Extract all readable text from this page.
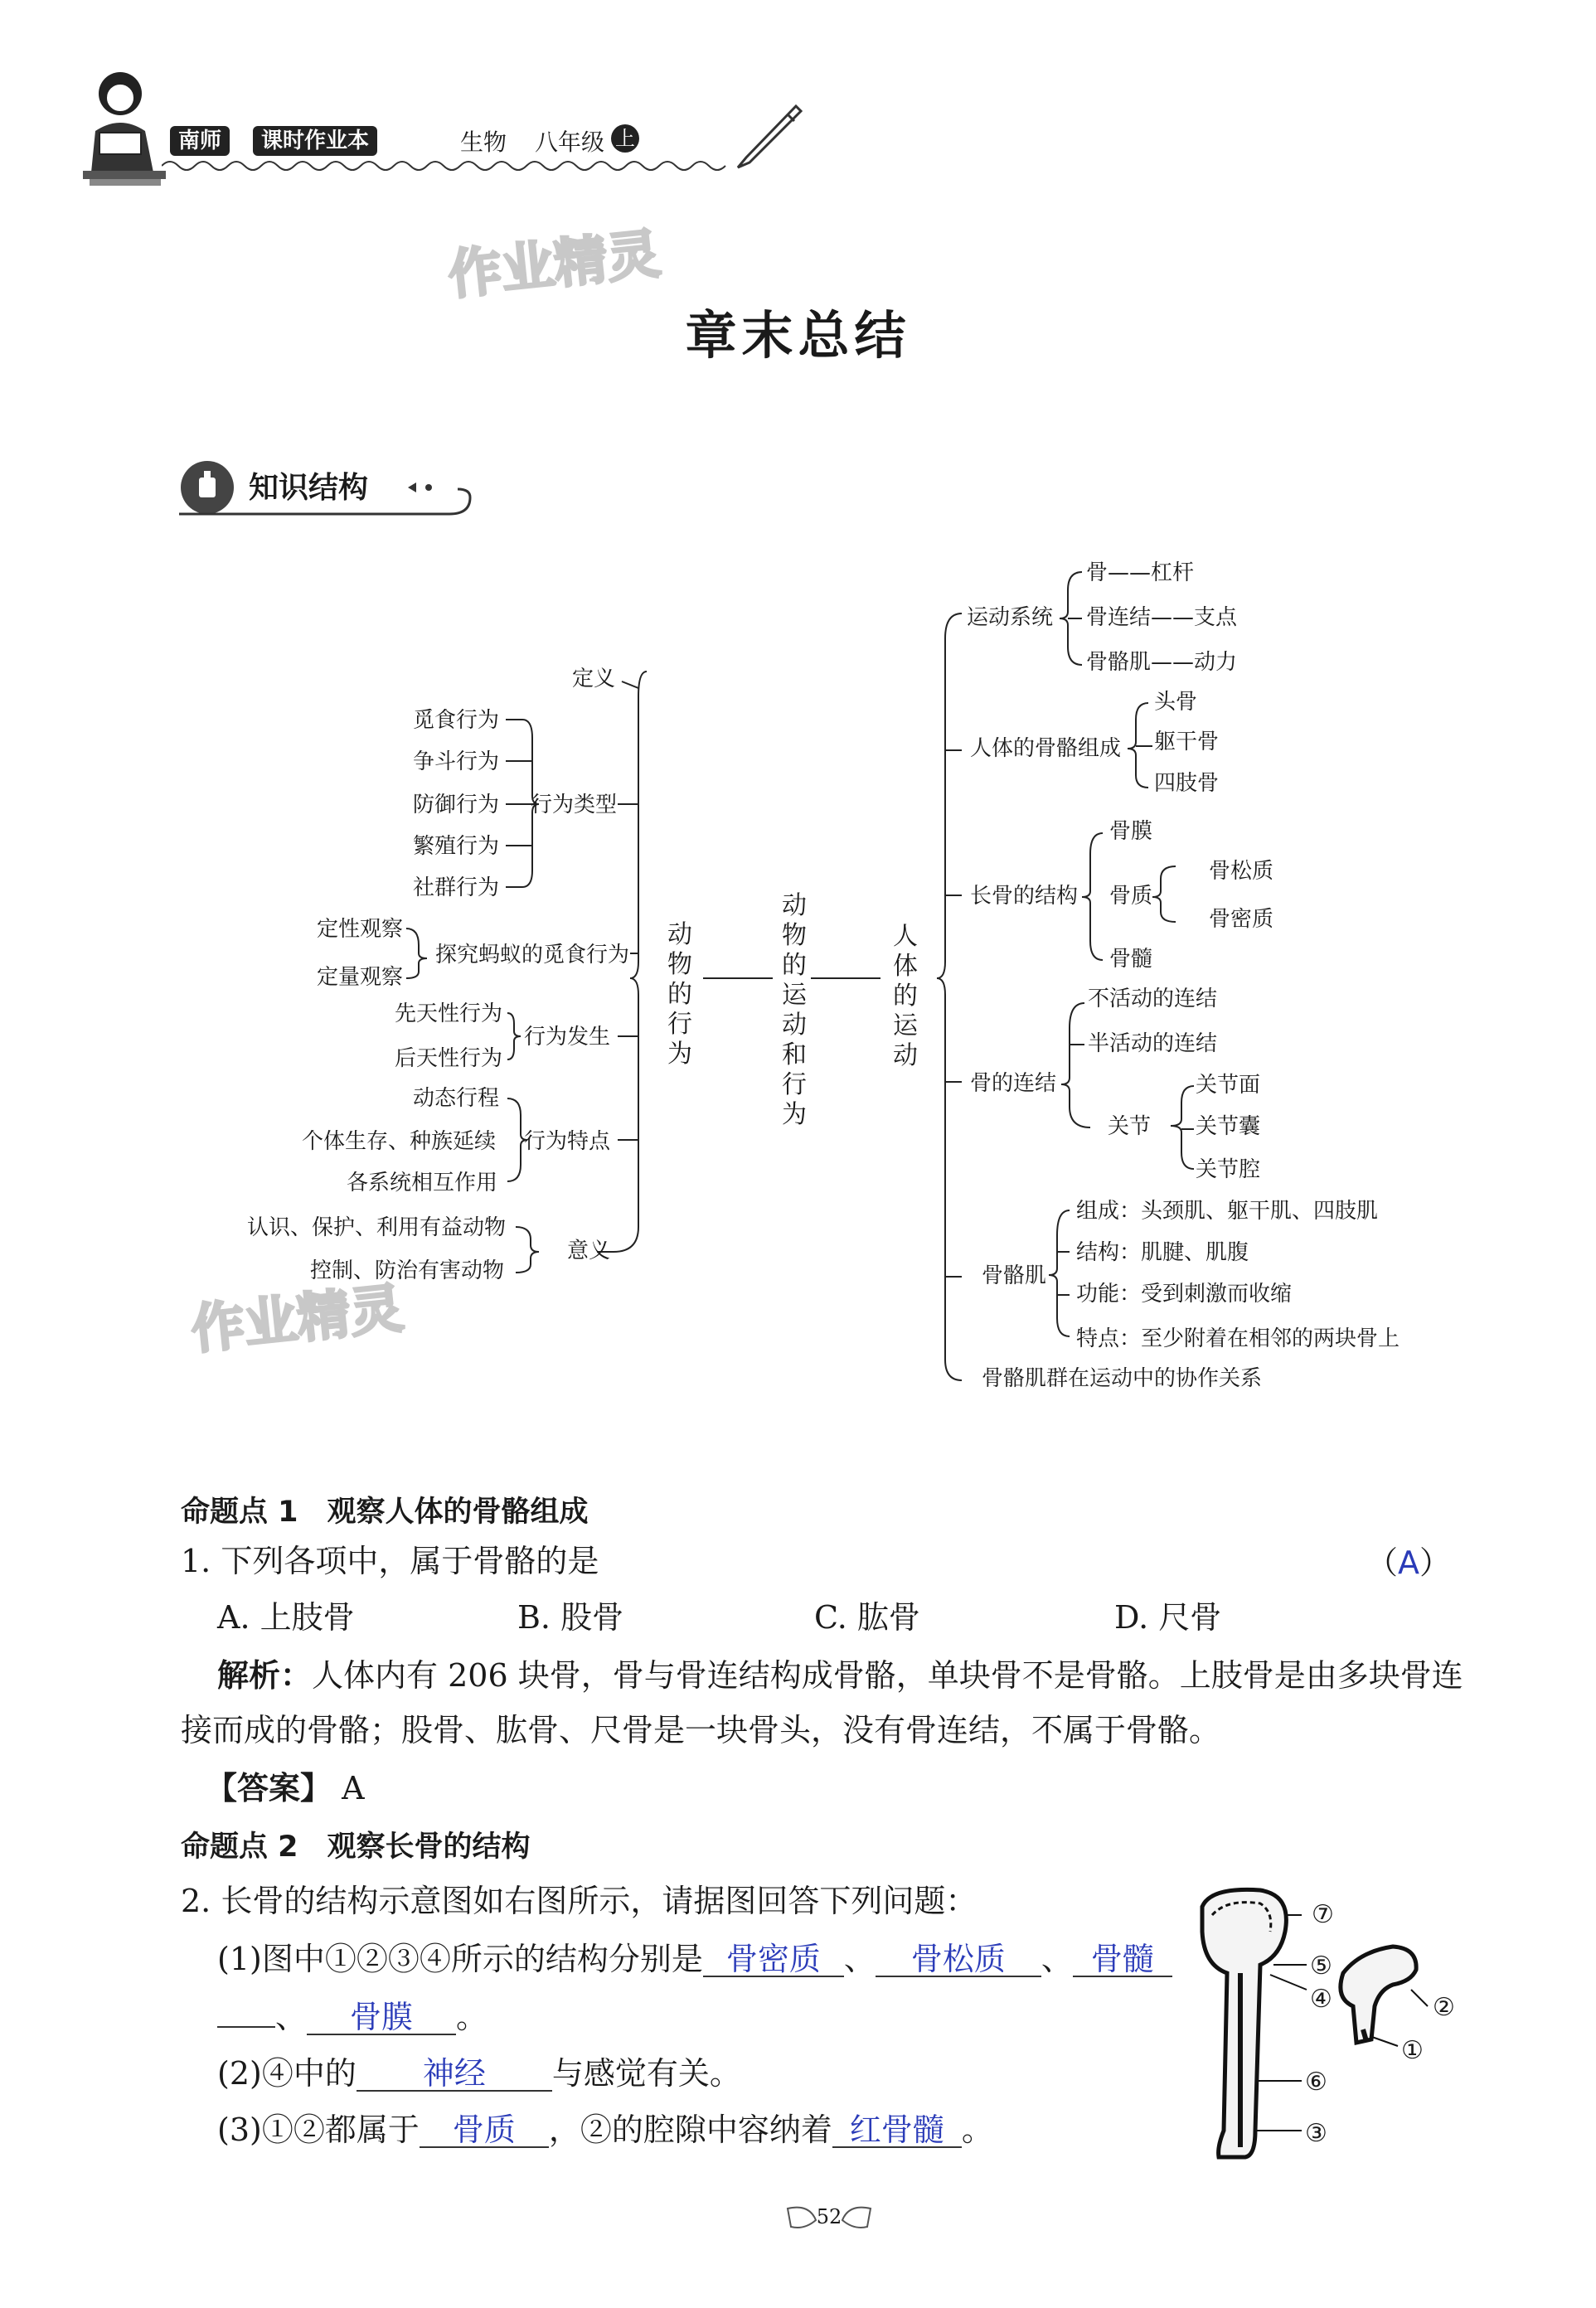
南师	课时作业本	生物 八年级 上
作业精灵
作业精灵
章末总结
知识结构
动物的运动和行为
动物的行为
人体的运动
定义
行为类型
觅食行为
争斗行为
防御行为
繁殖行为
社群行为
探究蚂蚁的觅食行为
定性观察
定量观察
行为发生
先天性行为
后天性行为
行为特点
动态行程
个体生存、种族延续
各系统相互作用
意义
认识、保护、利用有益动物
控制、防治有害动物
运动系统
骨——杠杆
骨连结——支点
骨骼肌——动力
人体的骨骼组成
头骨
躯干骨
四肢骨
长骨的结构
骨膜
骨质
骨松质
骨密质
骨髓
骨的连结
不活动的连结
半活动的连结
关节
关节面
关节囊
关节腔
骨骼肌
组成：头颈肌、躯干肌、四肢肌
结构：肌腱、肌腹
功能：受到刺激而收缩
特点：至少附着在相邻的两块骨上
骨骼肌群在运动中的协作关系
命题点 1　观察人体的骨骼组成
1. 下列各项中，属于骨骼的是	（A）
A. 上肢骨	B. 股骨	C. 肱骨	D. 尺骨
解析：人体内有 206 块骨，骨与骨连结构成骨骼，单块骨不是骨骼。上肢骨是由多块骨连
接而成的骨骼；股骨、肱骨、尺骨是一块骨头，没有骨连结，不属于骨骼。
【答案】 A
命题点 2　观察长骨的结构
2. 长骨的结构示意图如右图所示，请据图回答下列问题：
(1)图中①②③④所示的结构分别是 骨密质 、 骨松质 、 骨髓
、 骨膜 。
(2)④中的 神经 与感觉有关。
(3)①②都属于 骨质 ，②的腔隙中容纳着 红骨髓 。
⑦
⑤
④
⑥
③
②
①
52
